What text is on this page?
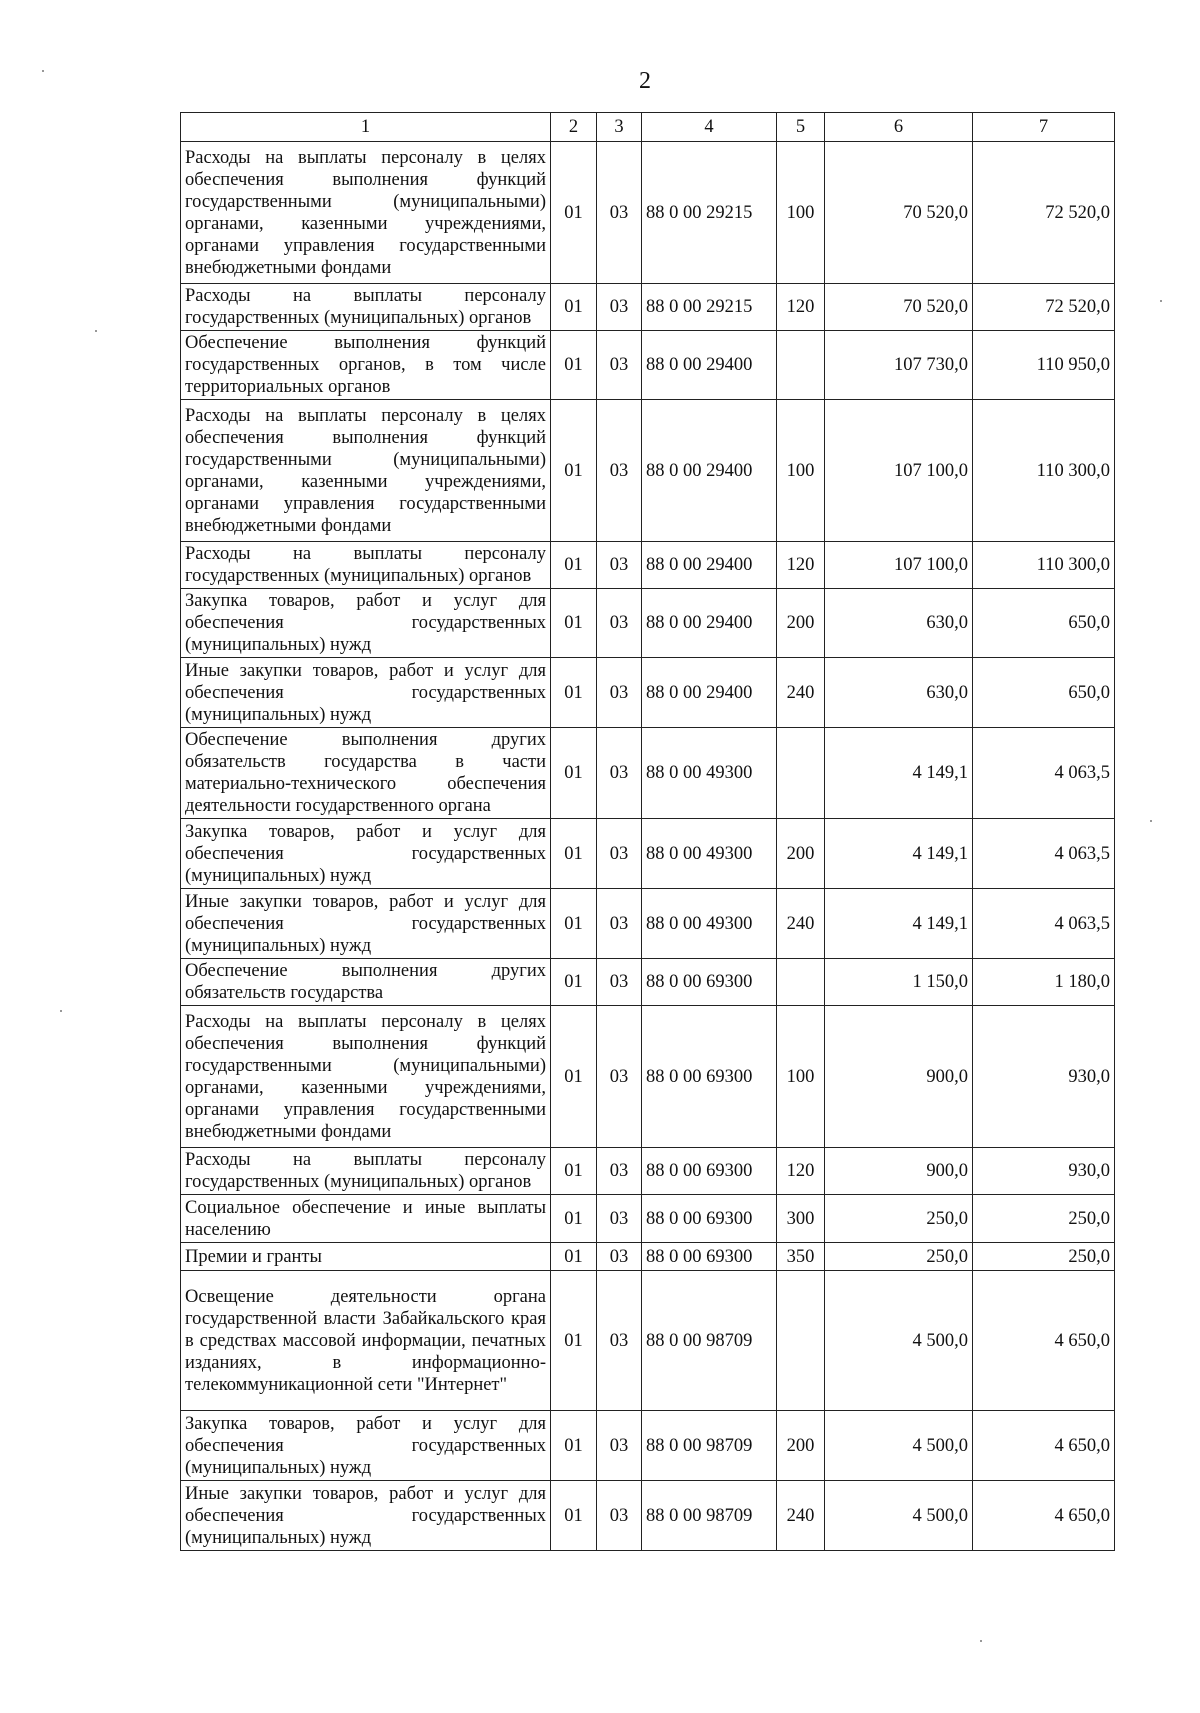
2
1	2	3	4	5	6	7
Расходы на выплаты персоналу в целях обеспечения выполнения функций государственными (муниципальными) органами, казенными учреждениями, органами управления государственными внебюджетными фондами	01	03	88 0 00 29215	100	70 520,0	72 520,0
Расходы на выплаты персоналу государственных (муниципальных) органов	01	03	88 0 00 29215	120	70 520,0	72 520,0
Обеспечение выполнения функций государственных органов, в том числе территориальных органов	01	03	88 0 00 29400		107 730,0	110 950,0
Расходы на выплаты персоналу в целях обеспечения выполнения функций государственными (муниципальными) органами, казенными учреждениями, органами управления государственными внебюджетными фондами	01	03	88 0 00 29400	100	107 100,0	110 300,0
Расходы на выплаты персоналу государственных (муниципальных) органов	01	03	88 0 00 29400	120	107 100,0	110 300,0
Закупка товаров, работ и услуг для обеспечения государственных (муниципальных) нужд	01	03	88 0 00 29400	200	630,0	650,0
Иные закупки товаров, работ и услуг для обеспечения государственных (муниципальных) нужд	01	03	88 0 00 29400	240	630,0	650,0
Обеспечение выполнения других обязательств государства в части материально-технического обеспечения деятельности государственного органа	01	03	88 0 00 49300		4 149,1	4 063,5
Закупка товаров, работ и услуг для обеспечения государственных (муниципальных) нужд	01	03	88 0 00 49300	200	4 149,1	4 063,5
Иные закупки товаров, работ и услуг для обеспечения государственных (муниципальных) нужд	01	03	88 0 00 49300	240	4 149,1	4 063,5
Обеспечение выполнения других обязательств государства	01	03	88 0 00 69300		1 150,0	1 180,0
Расходы на выплаты персоналу в целях обеспечения выполнения функций государственными (муниципальными) органами, казенными учреждениями, органами управления государственными внебюджетными фондами	01	03	88 0 00 69300	100	900,0	930,0
Расходы на выплаты персоналу государственных (муниципальных) органов	01	03	88 0 00 69300	120	900,0	930,0
Социальное обеспечение и иные выплаты населению	01	03	88 0 00 69300	300	250,0	250,0
Премии и гранты	01	03	88 0 00 69300	350	250,0	250,0
Освещение деятельности органа государственной власти Забайкальского края в средствах массовой информации, печатных изданиях, в информационно-телекоммуникационной сети "Интернет"	01	03	88 0 00 98709		4 500,0	4 650,0
Закупка товаров, работ и услуг для обеспечения государственных (муниципальных) нужд	01	03	88 0 00 98709	200	4 500,0	4 650,0
Иные закупки товаров, работ и услуг для обеспечения государственных (муниципальных) нужд	01	03	88 0 00 98709	240	4 500,0	4 650,0
